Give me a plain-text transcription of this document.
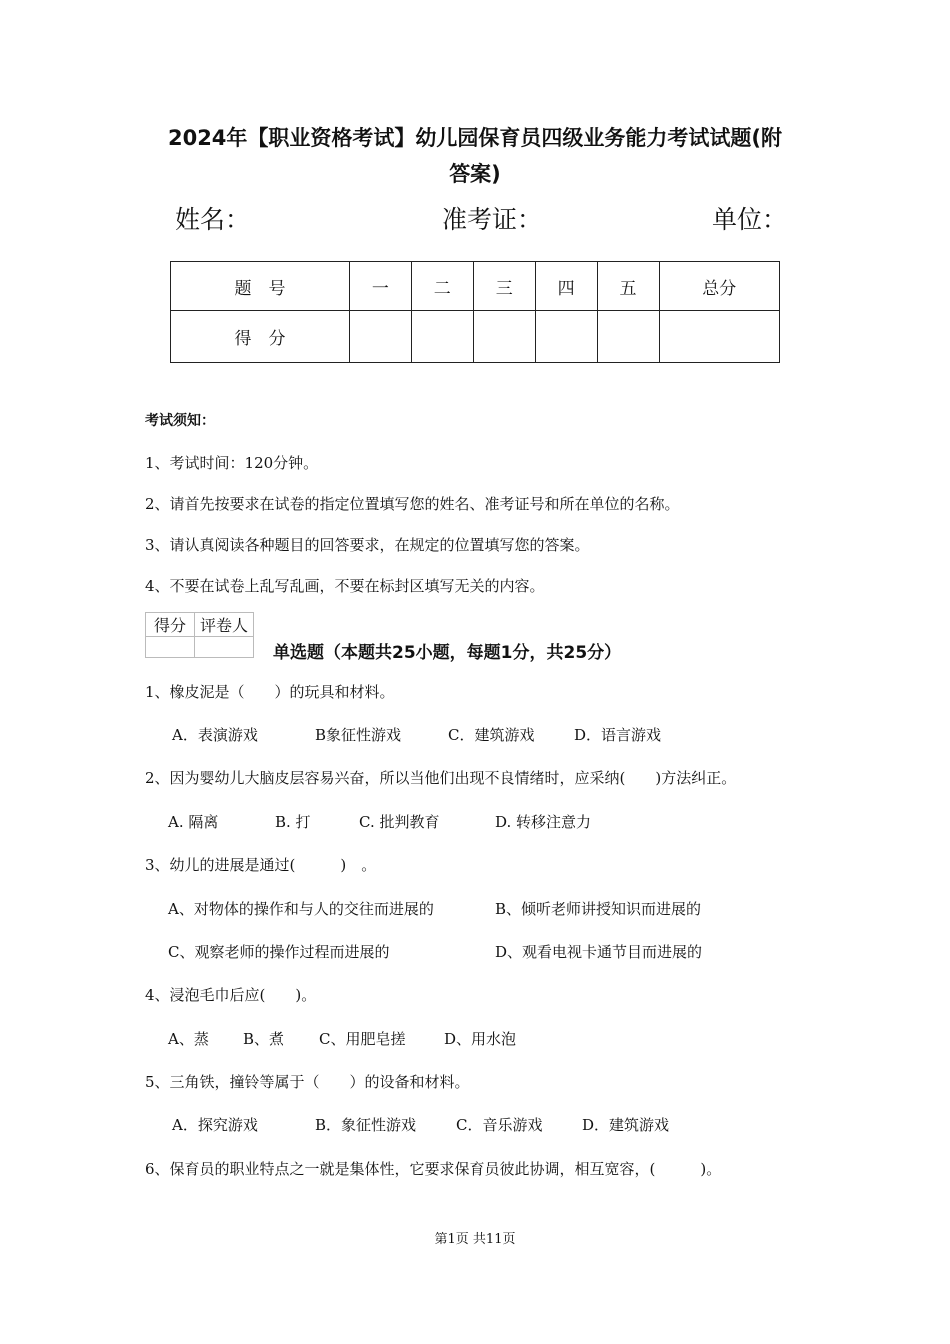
2024年【职业资格考试】幼儿园保育员四级业务能力考试试题(附
答案)
姓名：	准考证：	单位：
题　号	一	二	三	四	五	总分
得　分						
考试须知：
1、考试时间：120分钟。
2、请首先按要求在试卷的指定位置填写您的姓名、准考证号和所在单位的名称。
3、请认真阅读各种题目的回答要求，在规定的位置填写您的答案。
4、不要在试卷上乱写乱画，不要在标封区填写无关的内容。
得分	评卷人

单选题（本题共25小题，每题1分，共25分）
1、橡皮泥是（　　）的玩具和材料。
A．表演游戏	B象征性游戏	C．建筑游戏	D．语言游戏
2、因为婴幼儿大脑皮层容易兴奋，所以当他们出现不良情绪时，应采纳(　　)方法纠正。
A. 隔离	B. 打	C. 批判教育	D. 转移注意力
3、幼儿的进展是通过(　　　)　。
A、对物体的操作和与人的交往而进展的	B、倾听老师讲授知识而进展的
C、观察老师的操作过程而进展的	D、观看电视卡通节目而进展的
4、浸泡毛巾后应(　　)。
A、蒸 B、煮 C、用肥皂搓	D、用水泡
5、三角铁，撞铃等属于（　　）的设备和材料。
A．探究游戏	B．象征性游戏	C．音乐游戏	D．建筑游戏
6、保育员的职业特点之一就是集体性，它要求保育员彼此协调，相互宽容，(　　　)。
第1页 共11页
